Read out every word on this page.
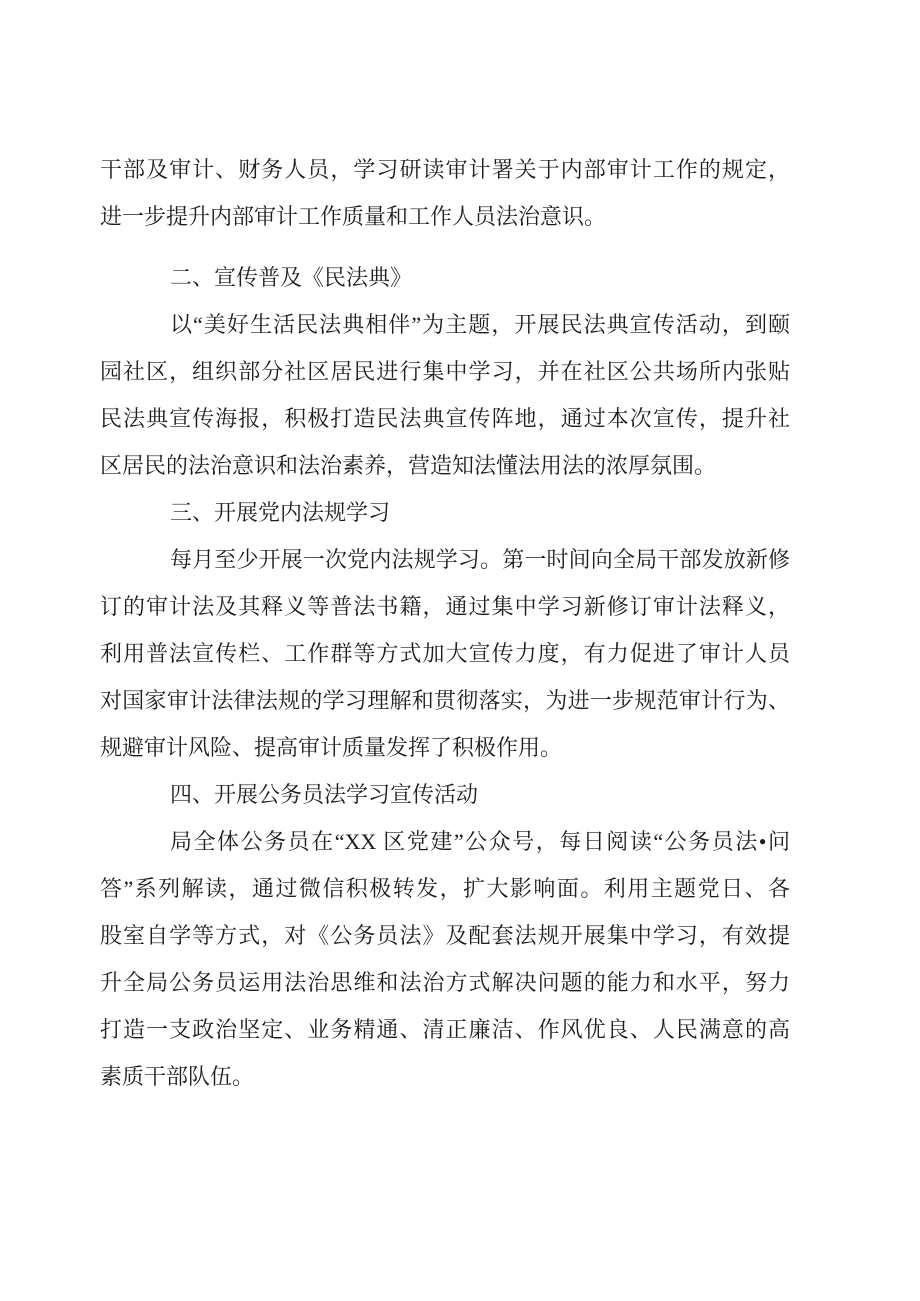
干部及审计、财务人员，学习研读审计署关于内部审计工作的规定，
进一步提升内部审计工作质量和工作人员法治意识。
二、宣传普及《民法典》
以“美好生活民法典相伴”为主题，开展民法典宣传活动，到颐
园社区，组织部分社区居民进行集中学习，并在社区公共场所内张贴
民法典宣传海报，积极打造民法典宣传阵地，通过本次宣传，提升社
区居民的法治意识和法治素养，营造知法懂法用法的浓厚氛围。
三、开展党内法规学习
每月至少开展一次党内法规学习。第一时间向全局干部发放新修
订的审计法及其释义等普法书籍，通过集中学习新修订审计法释义，
利用普法宣传栏、工作群等方式加大宣传力度，有力促进了审计人员
对国家审计法律法规的学习理解和贯彻落实，为进一步规范审计行为、
规避审计风险、提高审计质量发挥了积极作用。
四、开展公务员法学习宣传活动
局全体公务员在“XX 区党建”公众号，每日阅读“公务员法•问
答”系列解读，通过微信积极转发，扩大影响面。利用主题党日、各
股室自学等方式，对《公务员法》及配套法规开展集中学习，有效提
升全局公务员运用法治思维和法治方式解决问题的能力和水平，努力
打造一支政治坚定、业务精通、清正廉洁、作风优良、人民满意的高
素质干部队伍。
